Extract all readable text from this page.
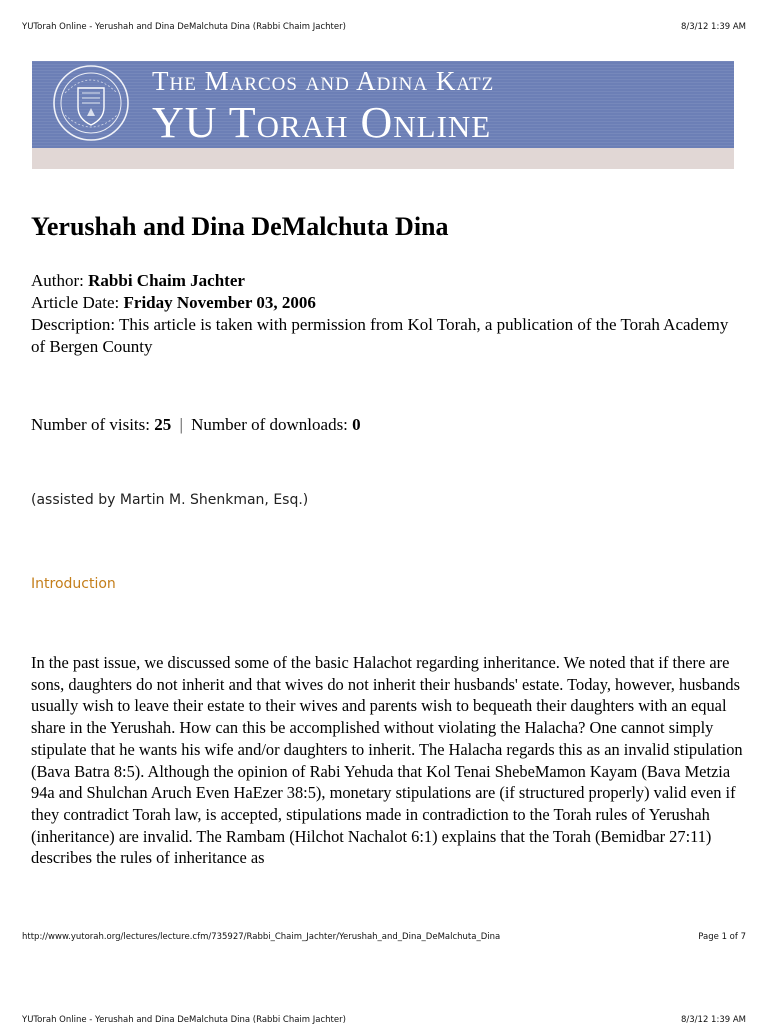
YUTorah Online - Yerushah and Dina DeMalchuta Dina (Rabbi Chaim Jachter)	8/3/12 1:39 AM
The Marcos and Adina Katz
YU Torah Online
Yerushah and Dina DeMalchuta Dina
Author: Rabbi Chaim Jachter
Article Date: Friday November 03, 2006
Description: This article is taken with permission from Kol Torah, a publication of the Torah Academy of Bergen County
Number of visits: 25 | Number of downloads: 0
(assisted by Martin M. Shenkman, Esq.)
Introduction

In the past issue, we discussed some of the basic Halachot regarding inheritance. We noted that if there are sons, daughters do not inherit and that wives do not inherit their husbands' estate. Today, however, husbands usually wish to leave their estate to their wives and parents wish to bequeath their daughters with an equal share in the Yerushah. How can this be accomplished without violating the Halacha? One cannot simply stipulate that he wants his wife and/or daughters to inherit. The Halacha regards this as an invalid stipulation (Bava Batra 8:5). Although the opinion of Rabi Yehuda that Kol Tenai ShebeMamon Kayam (Bava Metzia 94a and Shulchan Aruch Even HaEzer 38:5), monetary stipulations are (if structured properly) valid even if they contradict Torah law, is accepted, stipulations made in contradiction to the Torah rules of Yerushah (inheritance) are invalid. The Rambam (Hilchot Nachalot 6:1) explains that the Torah (Bemidbar 27:11) describes the rules of inheritance as

http://www.yutorah.org/lectures/lecture.cfm/735927/Rabbi_Chaim_Jachter/Yerushah_and_Dina_DeMalchuta_Dina	Page 1 of 7
YUTorah Online - Yerushah and Dina DeMalchuta Dina (Rabbi Chaim Jachter)	8/3/12 1:39 AM
